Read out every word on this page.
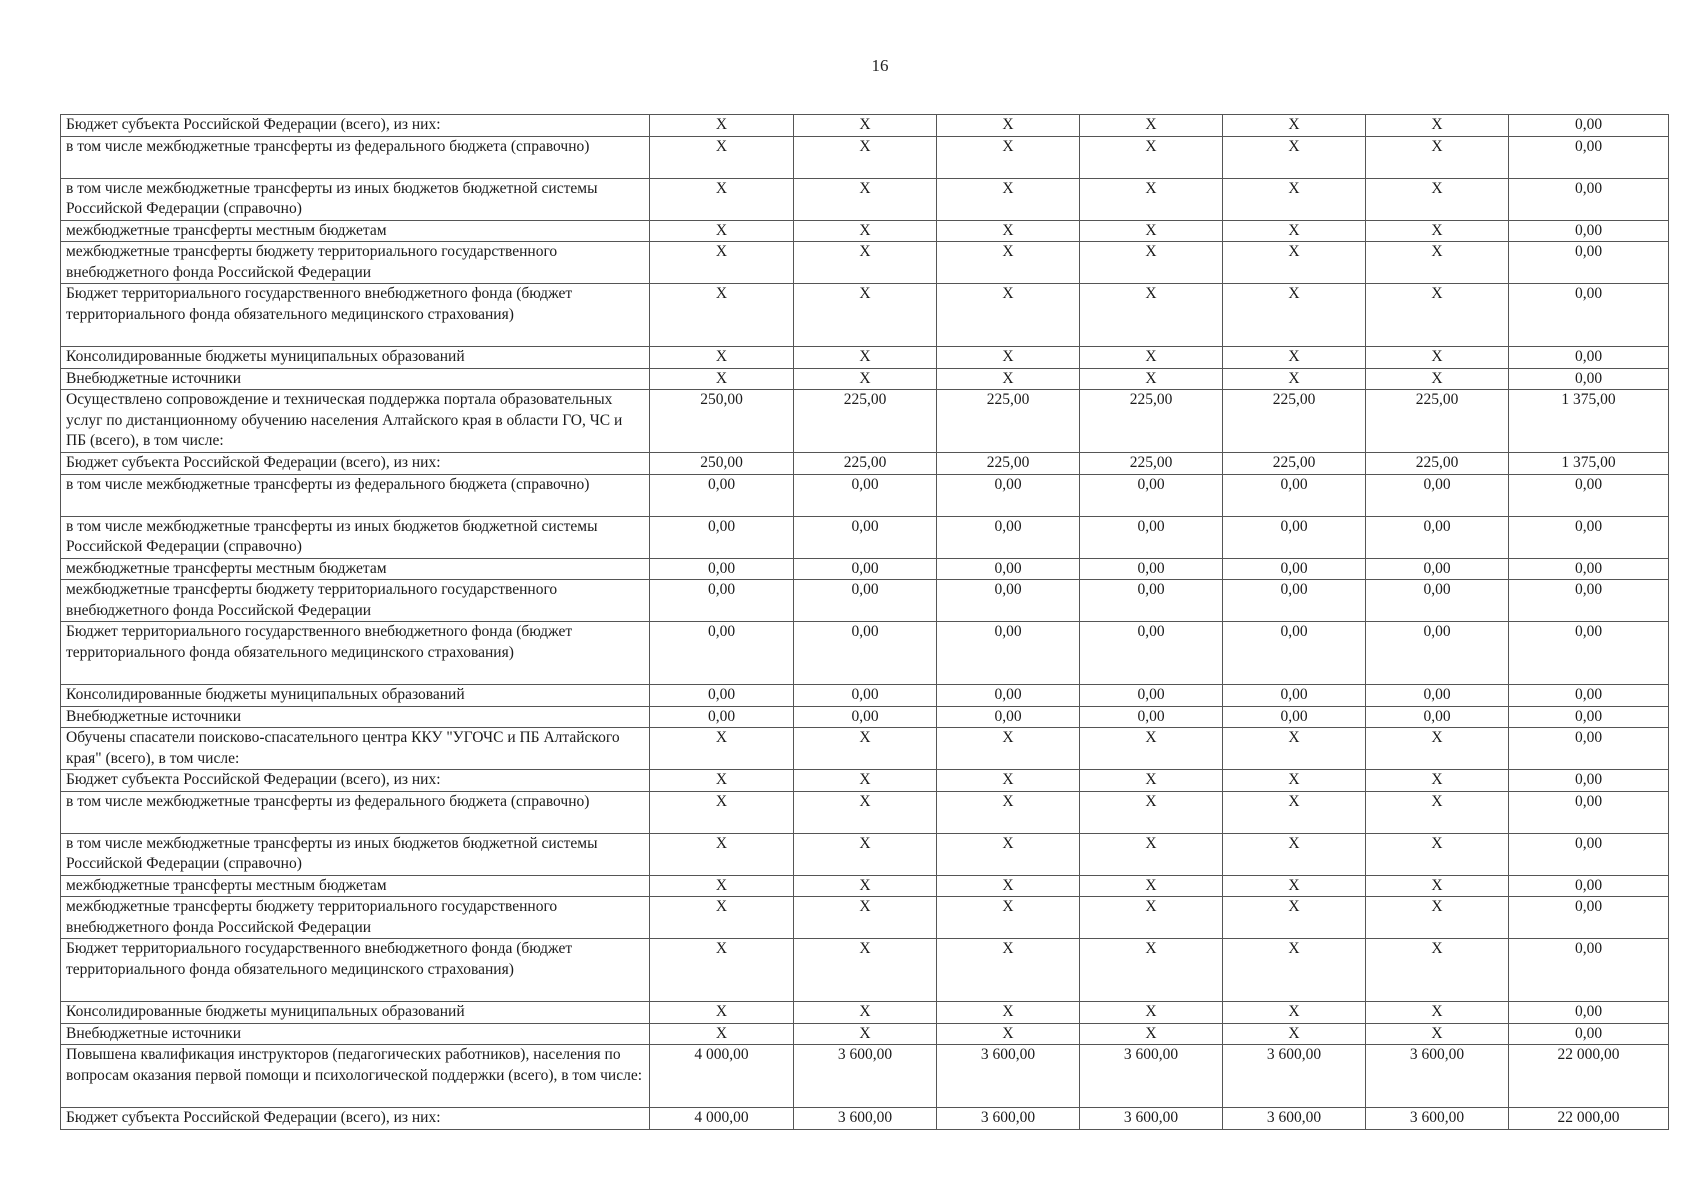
16
Бюджет субъекта Российской Федерации (всего), из них:	X	X	X	X	X	X	0,00
в том числе межбюджетные трансферты из федерального бюджета (справочно)	X	X	X	X	X	X	0,00
в том числе межбюджетные трансферты из иных бюджетов бюджетной системы Российской Федерации (справочно)	X	X	X	X	X	X	0,00
межбюджетные трансферты местным бюджетам	X	X	X	X	X	X	0,00
межбюджетные трансферты бюджету территориального государственного внебюджетного фонда Российской Федерации	X	X	X	X	X	X	0,00
Бюджет территориального государственного внебюджетного фонда (бюджет территориального фонда обязательного медицинского страхования)	X	X	X	X	X	X	0,00
Консолидированные бюджеты муниципальных образований	X	X	X	X	X	X	0,00
Внебюджетные источники	X	X	X	X	X	X	0,00
Осуществлено сопровождение и техническая поддержка портала образовательных услуг по дистанционному обучению населения Алтайского края в области ГО, ЧС и ПБ (всего), в том числе:	250,00	225,00	225,00	225,00	225,00	225,00	1 375,00
Бюджет субъекта Российской Федерации (всего), из них:	250,00	225,00	225,00	225,00	225,00	225,00	1 375,00
в том числе межбюджетные трансферты из федерального бюджета (справочно)	0,00	0,00	0,00	0,00	0,00	0,00	0,00
в том числе межбюджетные трансферты из иных бюджетов бюджетной системы Российской Федерации (справочно)	0,00	0,00	0,00	0,00	0,00	0,00	0,00
межбюджетные трансферты местным бюджетам	0,00	0,00	0,00	0,00	0,00	0,00	0,00
межбюджетные трансферты бюджету территориального государственного внебюджетного фонда Российской Федерации	0,00	0,00	0,00	0,00	0,00	0,00	0,00
Бюджет территориального государственного внебюджетного фонда (бюджет территориального фонда обязательного медицинского страхования)	0,00	0,00	0,00	0,00	0,00	0,00	0,00
Консолидированные бюджеты муниципальных образований	0,00	0,00	0,00	0,00	0,00	0,00	0,00
Внебюджетные источники	0,00	0,00	0,00	0,00	0,00	0,00	0,00
Обучены спасатели поисково-спасательного центра ККУ "УГОЧС и ПБ Алтайского края" (всего), в том числе:	X	X	X	X	X	X	0,00
Бюджет субъекта Российской Федерации (всего), из них:	X	X	X	X	X	X	0,00
в том числе межбюджетные трансферты из федерального бюджета (справочно)	X	X	X	X	X	X	0,00
в том числе межбюджетные трансферты из иных бюджетов бюджетной системы Российской Федерации (справочно)	X	X	X	X	X	X	0,00
межбюджетные трансферты местным бюджетам	X	X	X	X	X	X	0,00
межбюджетные трансферты бюджету территориального государственного внебюджетного фонда Российской Федерации	X	X	X	X	X	X	0,00
Бюджет территориального государственного внебюджетного фонда (бюджет территориального фонда обязательного медицинского страхования)	X	X	X	X	X	X	0,00
Консолидированные бюджеты муниципальных образований	X	X	X	X	X	X	0,00
Внебюджетные источники	X	X	X	X	X	X	0,00
Повышена квалификация инструкторов (педагогических работников), населения по вопросам оказания первой помощи и психологической поддержки (всего), в том числе:	4 000,00	3 600,00	3 600,00	3 600,00	3 600,00	3 600,00	22 000,00
Бюджет субъекта Российской Федерации (всего), из них:	4 000,00	3 600,00	3 600,00	3 600,00	3 600,00	3 600,00	22 000,00
